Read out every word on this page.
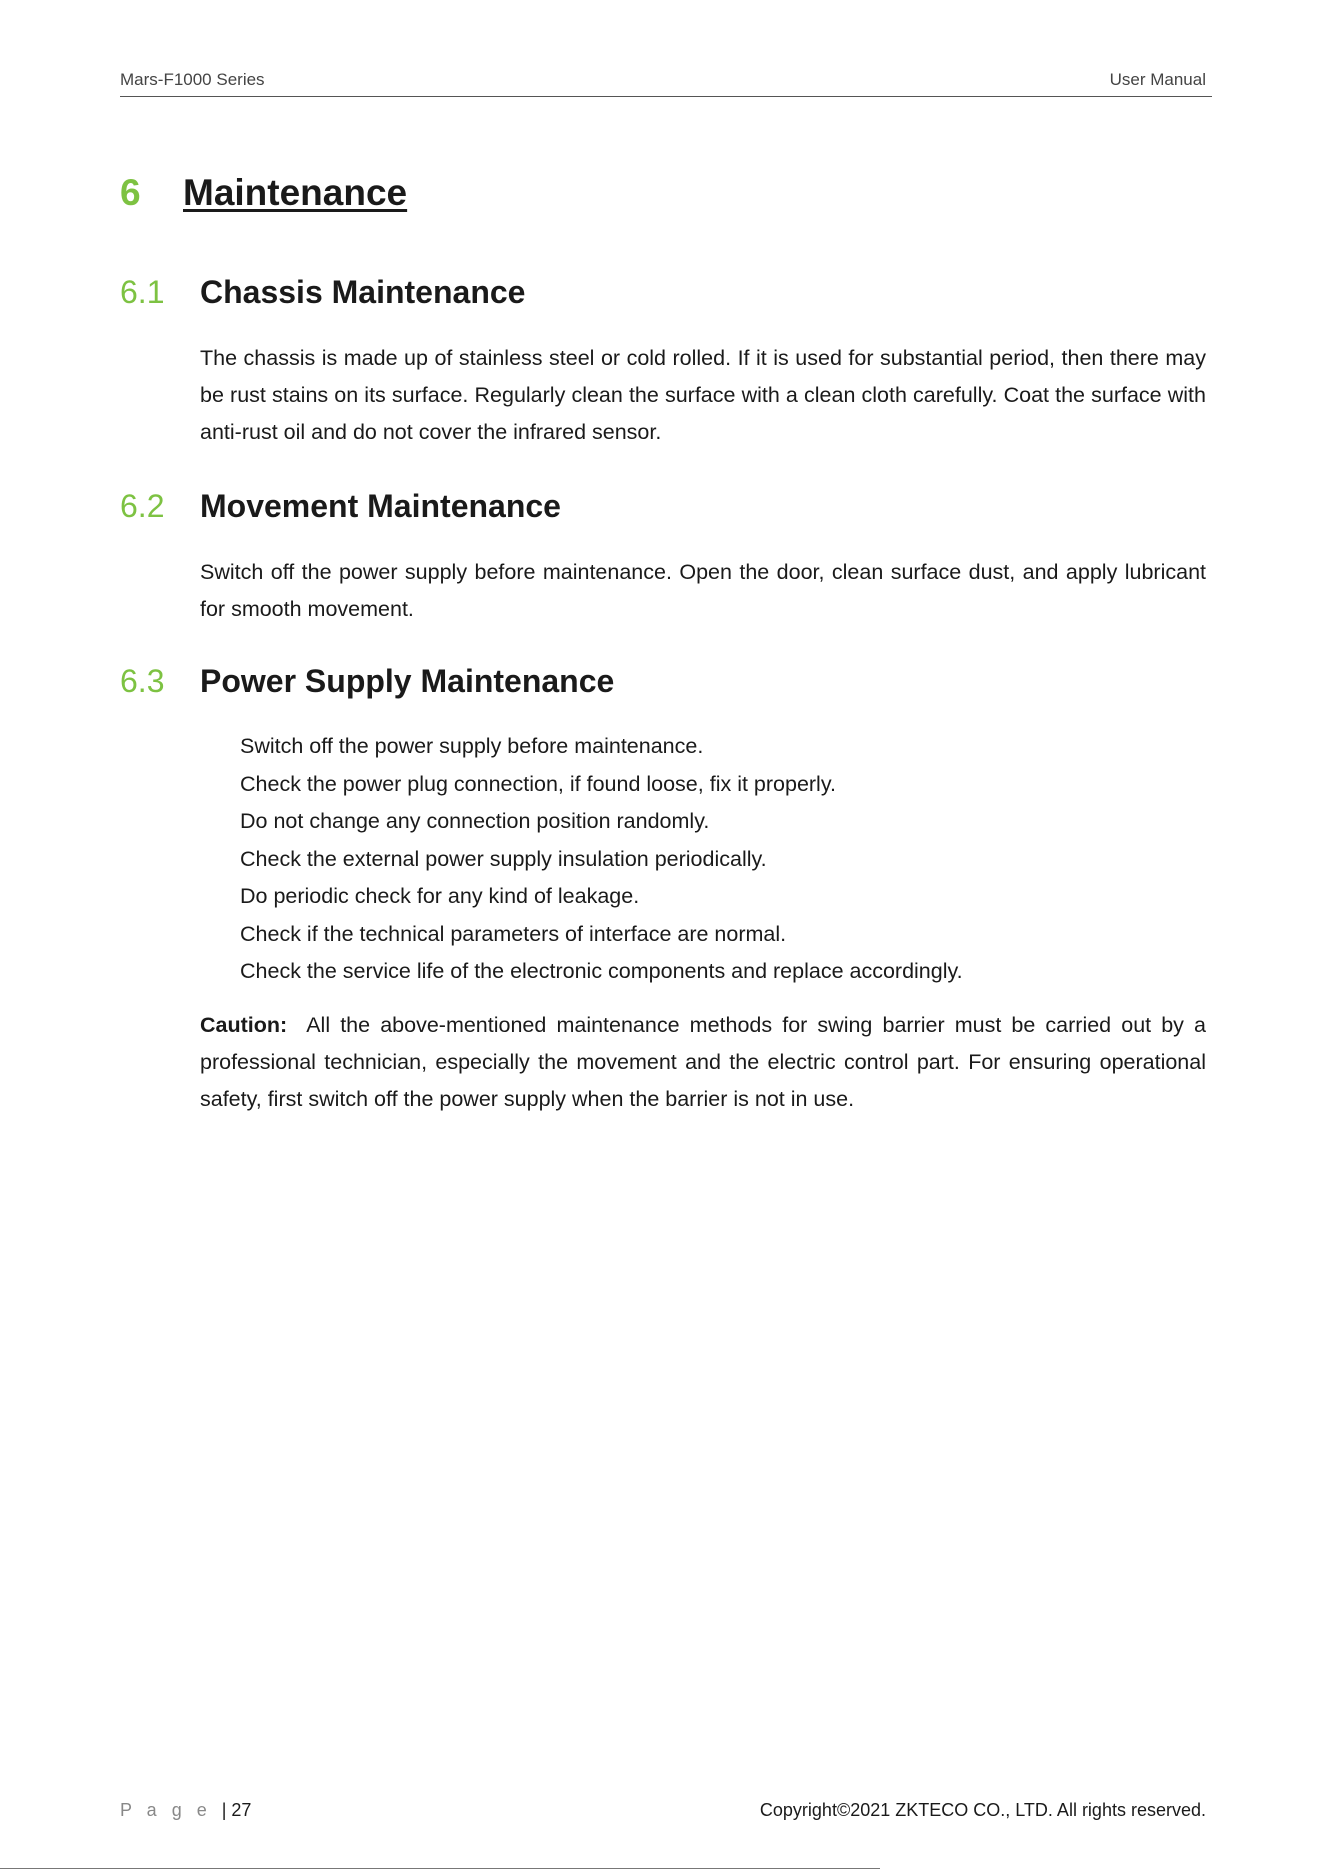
Mars-F1000 Series	User Manual
6 Maintenance
6.1 Chassis Maintenance

The chassis is made up of stainless steel or cold rolled. If it is used for substantial period, then there may be rust stains on its surface. Regularly clean the surface with a clean cloth carefully. Coat the surface with anti-rust oil and do not cover the infrared sensor.

6.2 Movement Maintenance

Switch off the power supply before maintenance. Open the door, clean surface dust, and apply lubricant for smooth movement.

6.3 Power Supply Maintenance
Switch off the power supply before maintenance.
Check the power plug connection, if found loose, fix it properly.
Do not change any connection position randomly.
Check the external power supply insulation periodically.
Do periodic check for any kind of leakage.
Check if the technical parameters of interface are normal.
Check the service life of the electronic components and replace accordingly.

Caution: All the above-mentioned maintenance methods for swing barrier must be carried out by a professional technician, especially the movement and the electric control part. For ensuring operational safety, first switch off the power supply when the barrier is not in use.

P a g e | 27	Copyright©2021 ZKTECO CO., LTD. All rights reserved.
